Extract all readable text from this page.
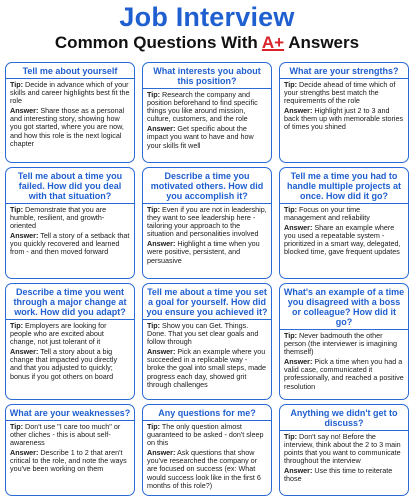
Job Interview
Common Questions With A+ Answers
Tell me about yourself
Tip: Decide in advance which of your skills and career highlights best fit the role
Answer: Share those as a personal and interesting story, showing how you got started, where you are now, and how this role is the next logical chapter
What interests you about this position?
Tip: Research the company and position beforehand to find specific things you like around mission, culture, customers, and the role
Answer: Get specific about the impact you want to have and how your skills fit well
What are your strengths?
Tip: Decide ahead of time which of your strengths best match the requirements of the role
Answer: Highlight just 2 to 3 and back them up with memorable stories of times you shined
Tell me about a time you failed. How did you deal with that situation?
Tip: Demonstrate that you are humble, resilient, and growth-oriented
Answer: Tell a story of a setback that you quickly recovered and learned from - and then moved forward
Describe a time you motivated others. How did you accomplish it?
Tip: Even if you are not in leadership, they want to see leadership here - tailoring your approach to the situation and personalities involved
Answer: Highlight a time when you were positive, persistent, and persuasive
Tell me a time you had to handle multiple projects at once. How did it go?
Tip: Focus on your time management and reliability
Answer: Share an example where you used a repeatable system - prioritized in a smart way, delegated, blocked time, gave frequent updates
Describe a time you went through a major change at work. How did you adapt?
Tip: Employers are looking for people who are excited about change, not just tolerant of it
Answer: Tell a story about a big change that impacted you directly and that you adjusted to quickly; bonus if you got others on board
Tell me about a time you set a goal for yourself. How did you ensure you achieved it?
Tip: Show you can Get. Things. Done. That you set clear goals and follow through
Answer: Pick an example where you succeeded in a replicable way - broke the goal into small steps, made progress each day, showed grit through challenges
What's an example of a time you disagreed with a boss or colleague? How did it go?
Tip: Never badmouth the other person (the interviewer is imagining themself)
Answer: Pick a time when you had a valid case, communicated it professionally, and reached a positive resolution
What are your weaknesses?
Tip: Don't use "I care too much" or other cliches - this is about self-awareness
Answer: Describe 1 to 2 that aren't critical to the role, and note the ways you've been working on them
Any questions for me?
Tip: The only question almost guaranteed to be asked - don't sleep on this
Answer: Ask questions that show you've researched the company or are focused on success (ex: What would success look like in the first 6 months of this role?)
Anything we didn't get to discuss?
Tip: Don't say no! Before the interview, think about the 2 to 3 main points that you want to communicate throughout the interview
Answer: Use this time to reiterate those
